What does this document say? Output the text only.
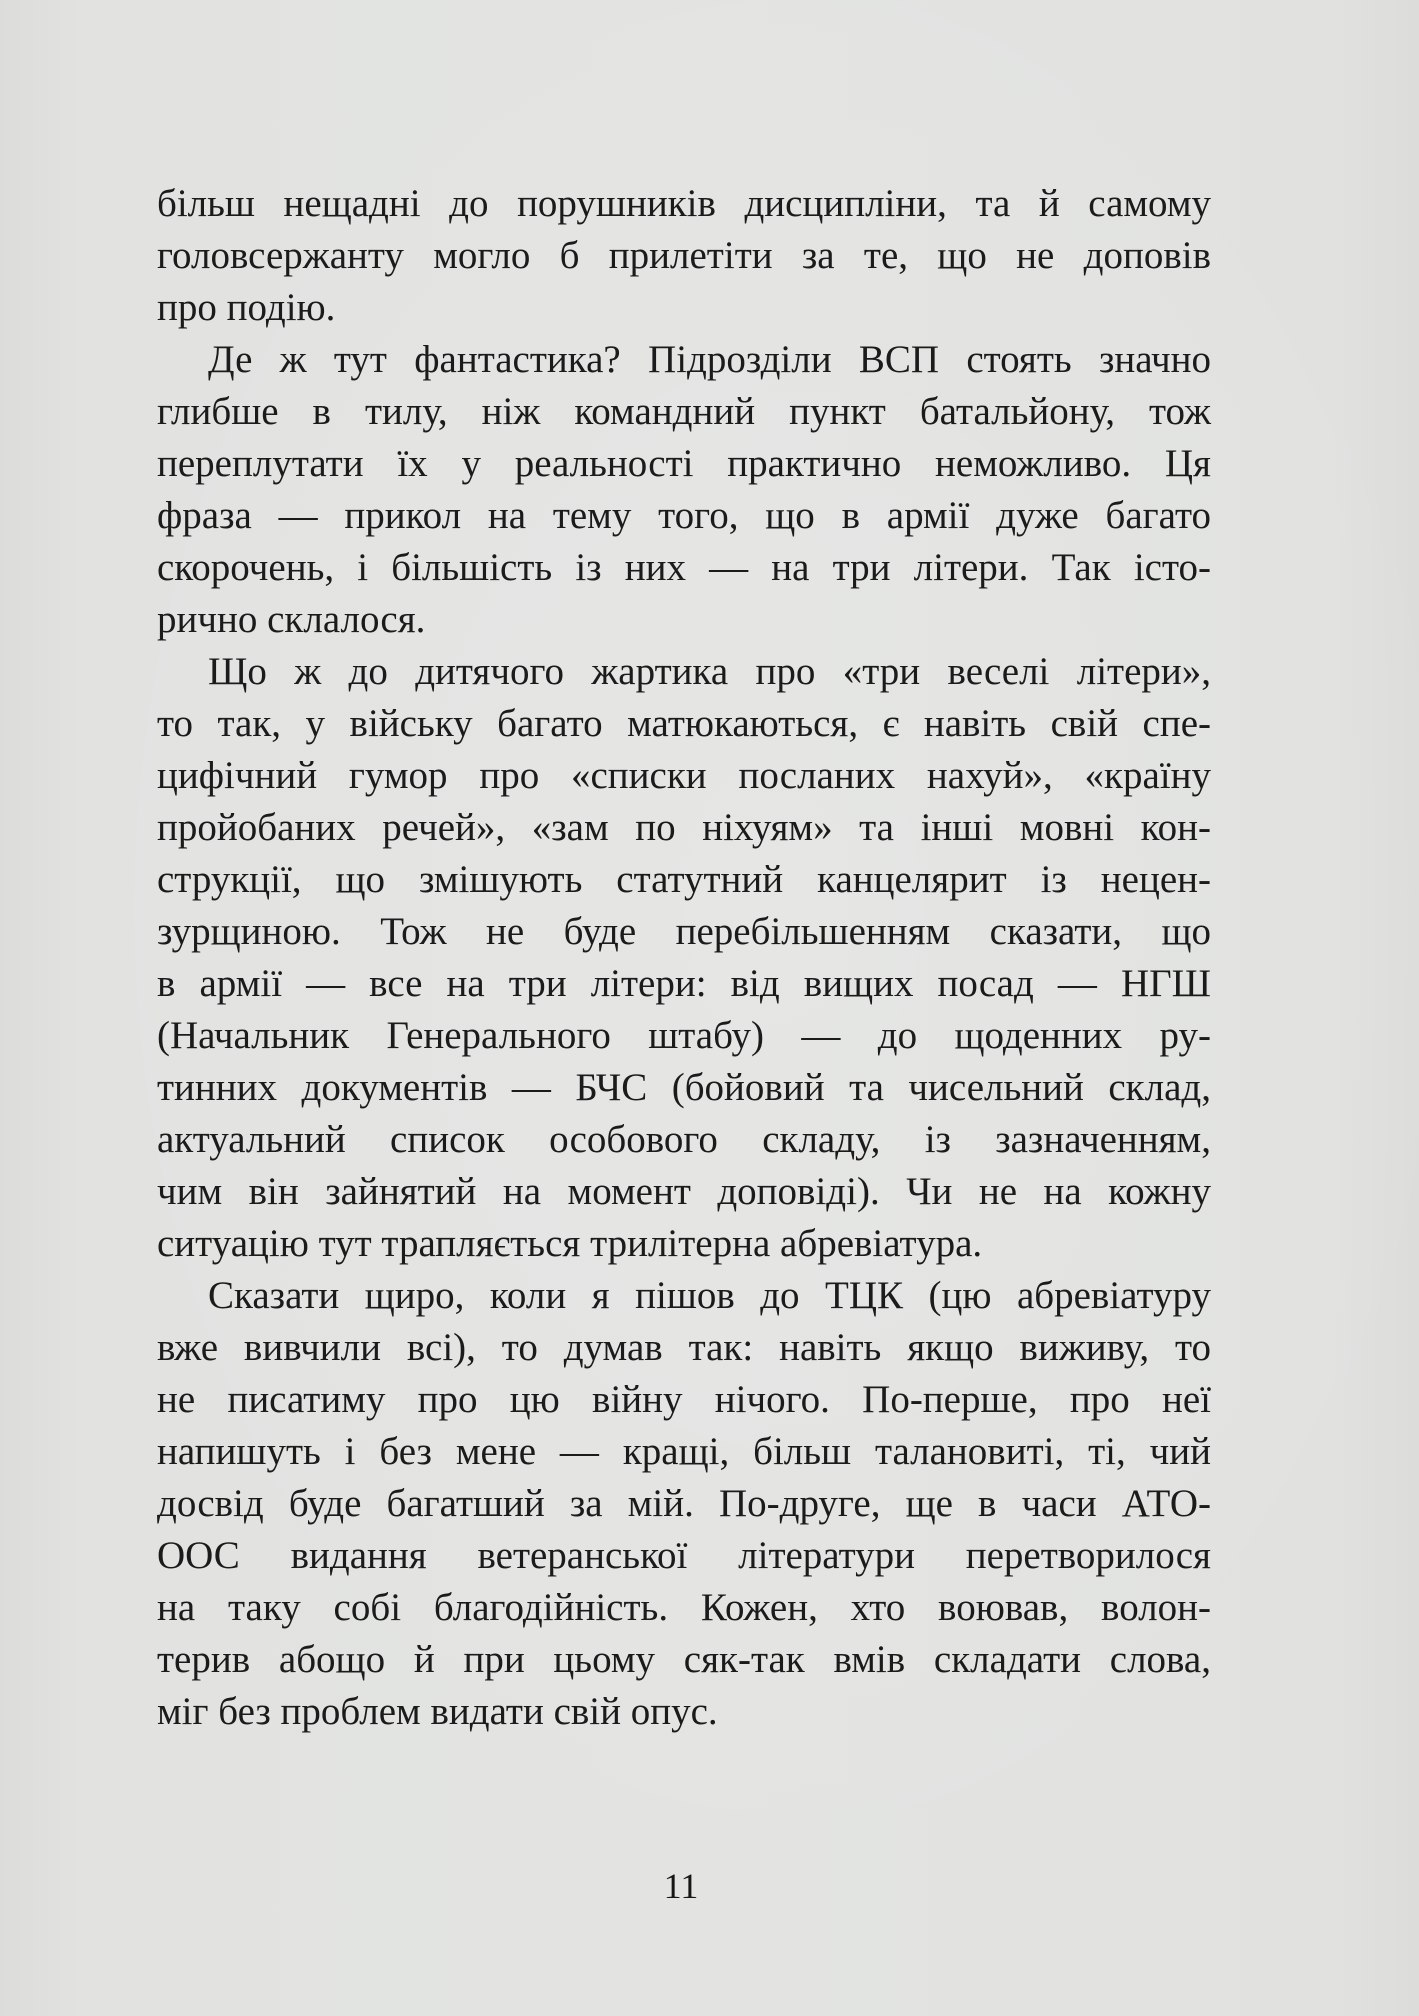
більш нещадні до порушників дисципліни, та й самому
головсержанту могло б прилетіти за те, що не доповів
про подію.
Де ж тут фантастика? Підрозділи ВСП стоять значно
глибше в тилу, ніж командний пункт батальйону, тож
переплутати їх у реальності практично неможливо. Ця
фраза — прикол на тему того, що в армії дуже багато
скорочень, і більшість із них — на три літери. Так істо-
рично склалося.
Що ж до дитячого жартика про «три веселі літери»,
то так, у війську багато матюкаються, є навіть свій спе-
цифічний гумор про «списки посланих нахуй», «країну
пройобаних речей», «зам по ніхуям» та інші мовні кон-
струкції, що змішують статутний канцелярит із нецен-
зурщиною. Тож не буде перебільшенням сказати, що
в армії — все на три літери: від вищих посад — НГШ
(Начальник Генерального штабу) — до щоденних ру-
тинних документів — БЧС (бойовий та чисельний склад,
актуальний список особового складу, із зазначенням,
чим він зайнятий на момент доповіді). Чи не на кожну
ситуацію тут трапляється трилітерна абревіатура.
Сказати щиро, коли я пішов до ТЦК (цю абревіатуру
вже вивчили всі), то думав так: навіть якщо виживу, то
не писатиму про цю війну нічого. По-перше, про неї
напишуть і без мене — кращі, більш талановиті, ті, чий
досвід буде багатший за мій. По-друге, ще в часи АТО-
ООС видання ветеранської літератури перетворилося
на таку собі благодійність. Кожен, хто воював, волон-
терив абощо й при цьому сяк-так вмів складати слова,
міг без проблем видати свій опус.
11
